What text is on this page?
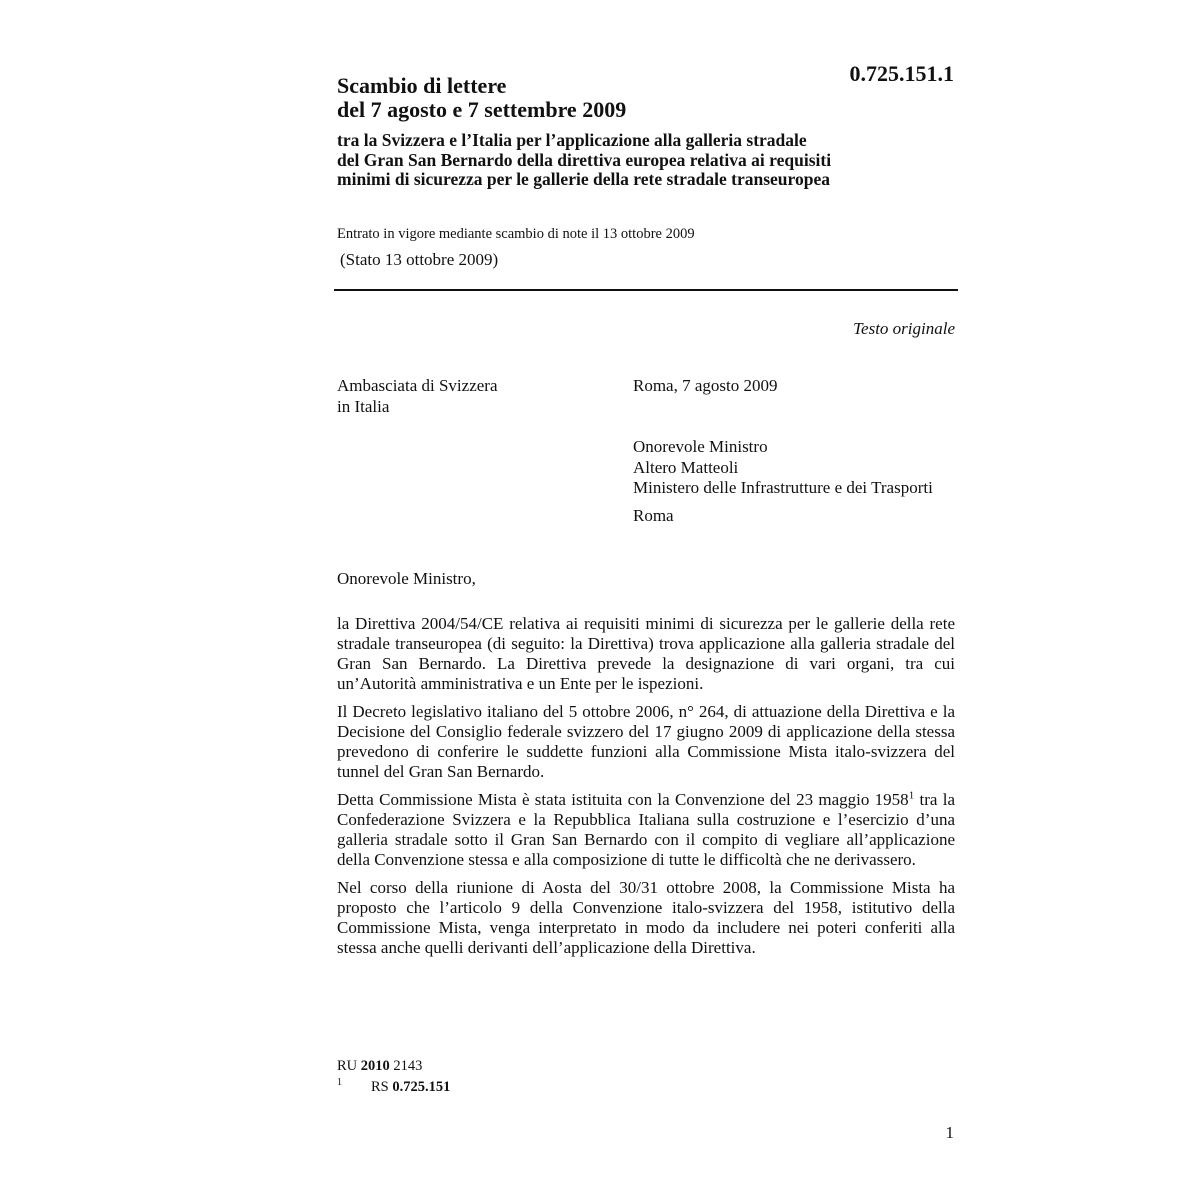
0.725.151.1
Scambio di lettere
del 7 agosto e 7 settembre 2009
tra la Svizzera e l’Italia per l’applicazione alla galleria stradale
del Gran San Bernardo della direttiva europea relativa ai requisiti
minimi di sicurezza per le gallerie della rete stradale transeuropea
Entrato in vigore mediante scambio di note il 13 ottobre 2009
(Stato 13 ottobre 2009)
Testo originale
Ambasciata di Svizzera
in Italia
Roma, 7 agosto 2009
Onorevole Ministro
Altero Matteoli
Ministero delle Infrastrutture e dei Trasporti
Roma
Onorevole Ministro,

la Direttiva 2004/54/CE relativa ai requisiti minimi di sicurezza per le gallerie della rete stradale transeuropea (di seguito: la Direttiva) trova applicazione alla galleria stradale del Gran San Bernardo. La Direttiva prevede la designazione di vari organi, tra cui un’Autorità amministrativa e un Ente per le ispezioni.

Il Decreto legislativo italiano del 5 ottobre 2006, n° 264, di attuazione della Direttiva e la Decisione del Consiglio federale svizzero del 17 giugno 2009 di applicazione della stessa prevedono di conferire le suddette funzioni alla Commissione Mista italo-svizzera del tunnel del Gran San Bernardo.

Detta Commissione Mista è stata istituita con la Convenzione del 23 maggio 1958$^1$ tra la Confederazione Svizzera e la Repubblica Italiana sulla costruzione e l’esercizio d’una galleria stradale sotto il Gran San Bernardo con il compito di vegliare all’applicazione della Convenzione stessa e alla composizione di tutte le difficoltà che ne derivassero.

Nel corso della riunione di Aosta del 30/31 ottobre 2008, la Commissione Mista ha proposto che l’articolo 9 della Convenzione italo-svizzera del 1958, istitutivo della Commissione Mista, venga interpretato in modo da includere nei poteri conferiti alla stessa anche quelli derivanti dell’applicazione della Direttiva.

RU 2010 2143
1 RS 0.725.151
1
